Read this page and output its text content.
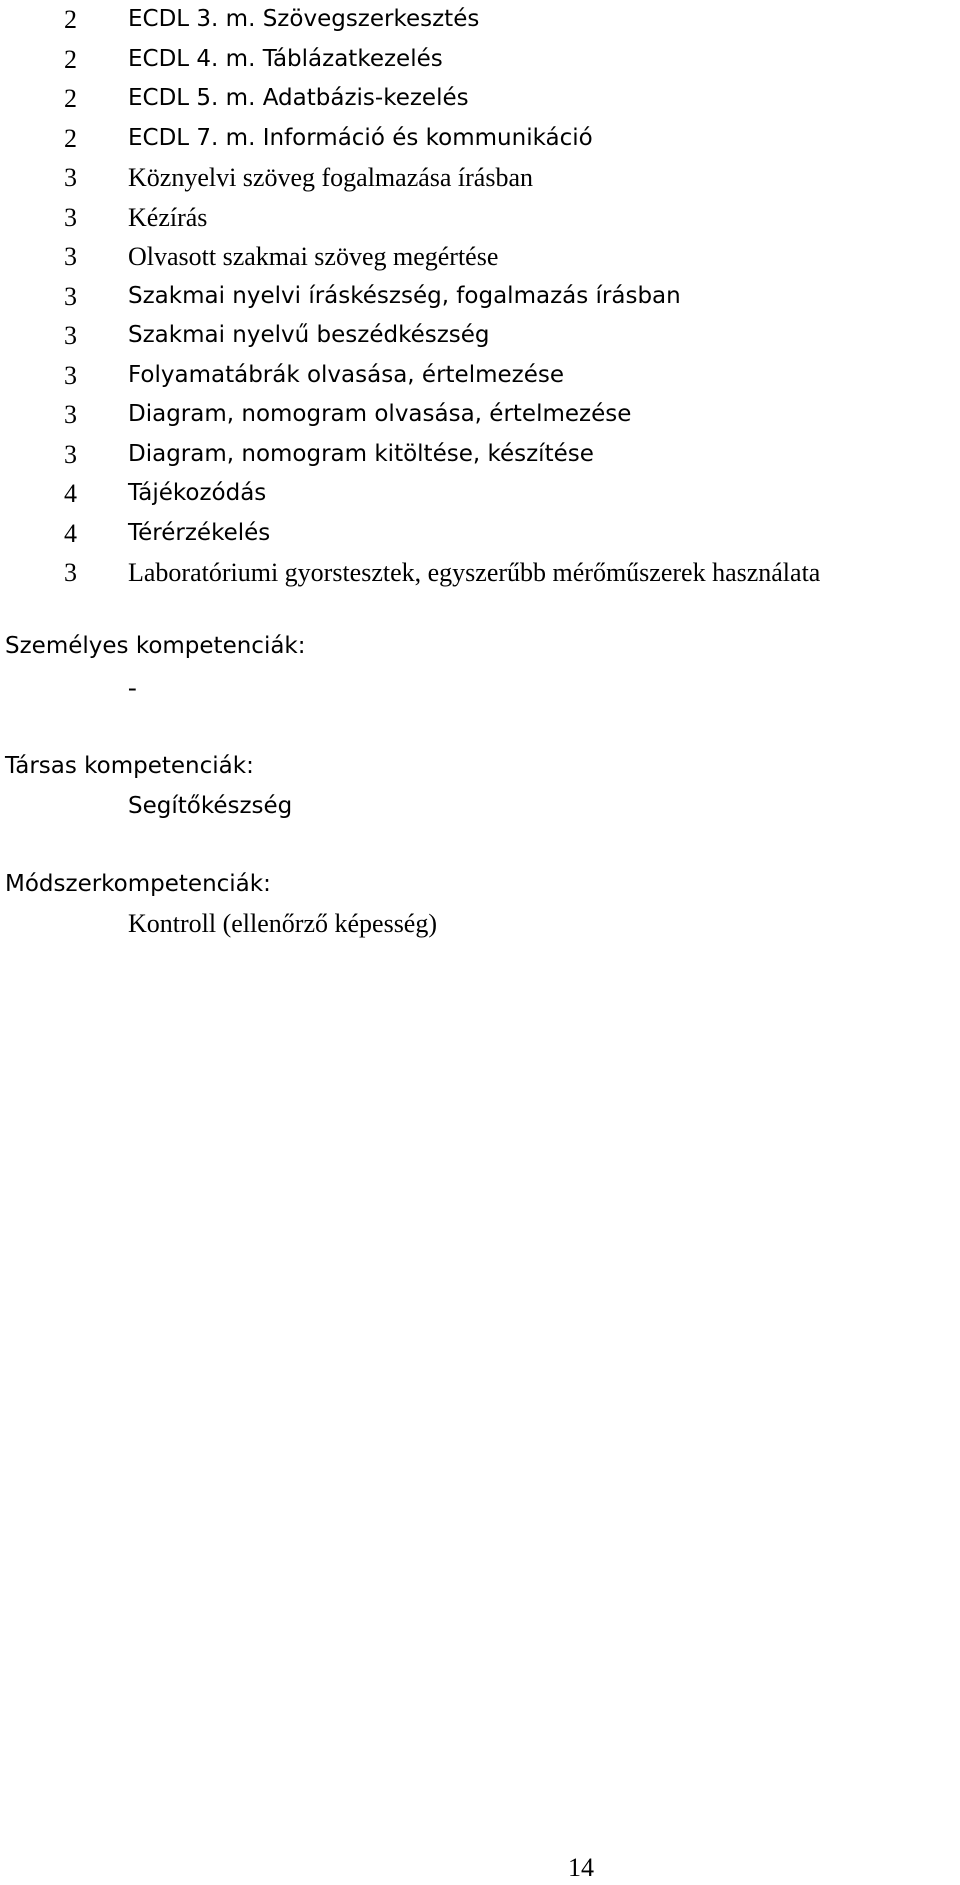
2 ECDL 3. m. Szövegszerkesztés
2 ECDL 4. m. Táblázatkezelés
2 ECDL 5. m. Adatbázis-kezelés
2 ECDL 7. m. Információ és kommunikáció
3 Köznyelvi szöveg fogalmazása írásban
3 Kézírás
3 Olvasott szakmai szöveg megértése
3 Szakmai nyelvi íráskészség, fogalmazás írásban
3 Szakmai nyelvű beszédkészség
3 Folyamatábrák olvasása, értelmezése
3 Diagram, nomogram olvasása, értelmezése
3 Diagram, nomogram kitöltése, készítése
4 Tájékozódás
4 Térérzékelés
3 Laboratóriumi gyorstesztek, egyszerűbb mérőműszerek használata
Személyes kompetenciák:
-
Társas kompetenciák:
Segítőkészség
Módszerkompetenciák:
Kontroll (ellenőrző képesség)
14
